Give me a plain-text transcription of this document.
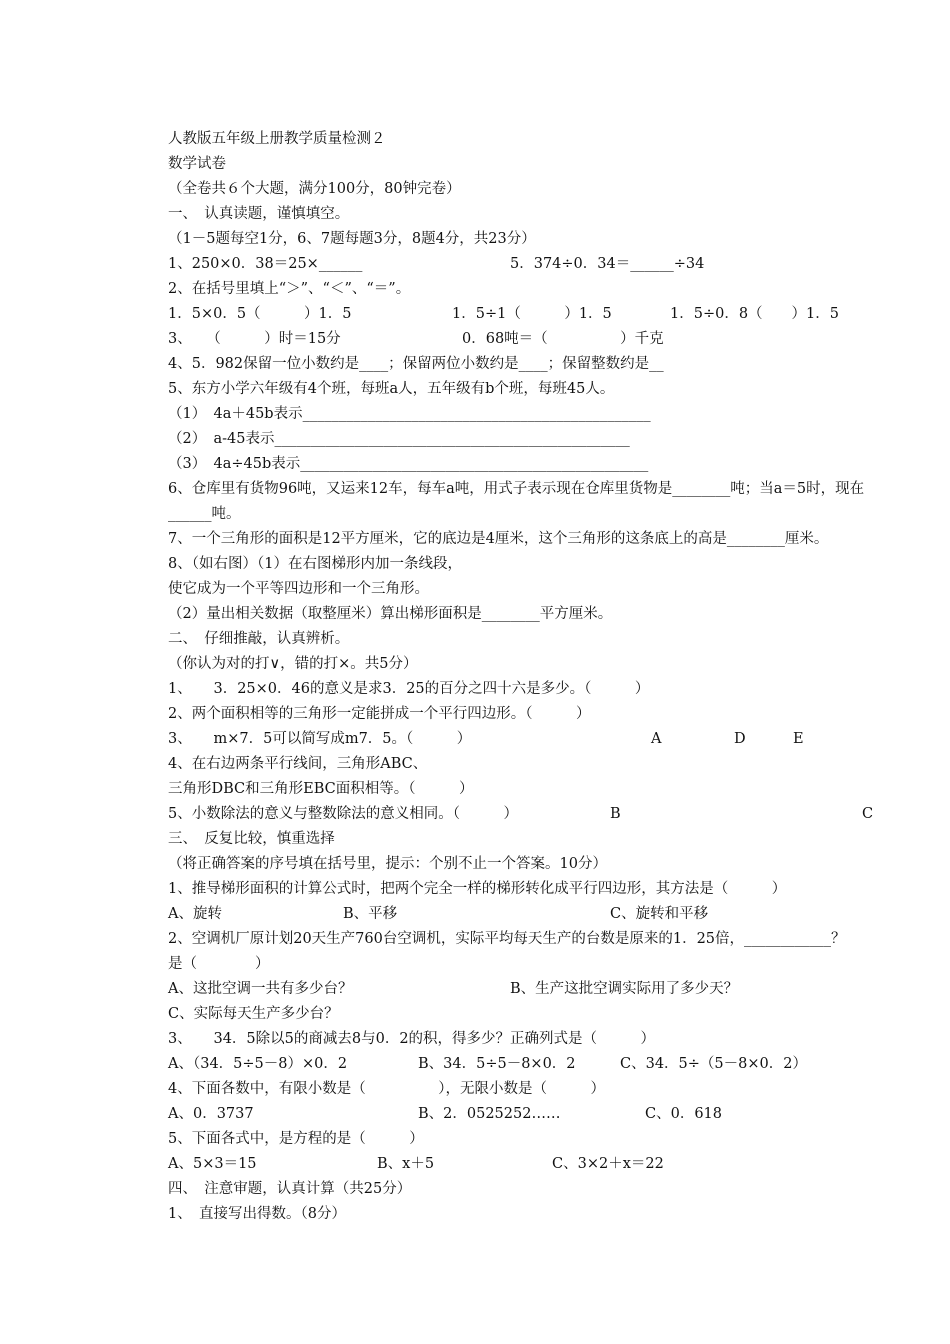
人教版五年级上册教学质量检测２
数学试卷
（全卷共６个大题，满分100分，80钟完卷）
一、　认真读题，谨慎填空。
（1－5题每空1分，6、7题每题3分，8题4分，共23分）

1、250×0．38＝25×______

	5．374÷0．34＝______÷34

2、在括号里填上“＞”、“＜”、“＝”。

1．5×0．5（　　　）1．5

	1．5÷1（　　　）1．5

	1．5÷0．8（　　）1．5

3、　　（　　　）时＝15分

	0．68吨＝（　　　　　）千克

4、5．982保留一位小数约是____；保留两位小数约是____；保留整数约是__
5、东方小学六年级有4个班，每班a人，五年级有b个班，每班45人。
（1）　4a＋45b表示________________________________________________
（2）　a-45表示_________________________________________________
（3）　4a÷45b表示________________________________________________
6、仓库里有货物96吨，又运来12车，每车a吨，用式子表示现在仓库里货物是________吨；当a＝5时，现在
______吨。
7、一个三角形的面积是12平方厘米，它的底边是4厘米，这个三角形的这条底上的高是________厘米。
8、（如右图）（1）在右图梯形内加一条线段，
使它成为一个平等四边形和一个三角形。
（2）量出相关数据（取整厘米）算出梯形面积是________平方厘米。
二、　仔细推敲，认真辨析。
（你认为对的打∨，错的打×。共5分）
1、　　3．25×0．46的意义是求3．25的百分之四十六是多少。（　　　）
2、两个面积相等的三角形一定能拼成一个平行四边形。（　　　）

3、　　m×7．5可以简写成m7．5。（　　　）

	A

	D

	E

4、在右边两条平行线间，三角形ABC、
三角形DBC和三角形EBC面积相等。（　　　）

5、小数除法的意义与整数除法的意义相同。（　　　）

	B

	C

三、　反复比较，慎重选择
（将正确答案的序号填在括号里，提示：个别不止一个答案。10分）
1、推导梯形面积的计算公式时，把两个完全一样的梯形转化成平行四边形，其方法是（　　　）

A、旋转

	B、平移

	C、旋转和平移

2、空调机厂原计划20天生产760台空调机，实际平均每天生产的台数是原来的1．25倍，____________？
是（　　　　）

A、这批空调一共有多少台？

	B、生产这批空调实际用了多少天？

C、实际每天生产多少台？
3、　　34．5除以5的商减去8与0．2的积，得多少？正确列式是（　　　）

A、（34．5÷5－8）×0．2

	B、34．5÷5－8×0．2

	C、34．5÷（5－8×0．2）

4、下面各数中，有限小数是（　　　　　），无限小数是（　　　）

A、0．3737

	B、2．0525252……

	C、0．618

5、下面各式中，是方程的是（　　　）

A、5×3＝15

	B、x＋5

	C、3×2＋x＝22

四、　注意审题，认真计算（共25分）
1、　直接写出得数。（8分）
